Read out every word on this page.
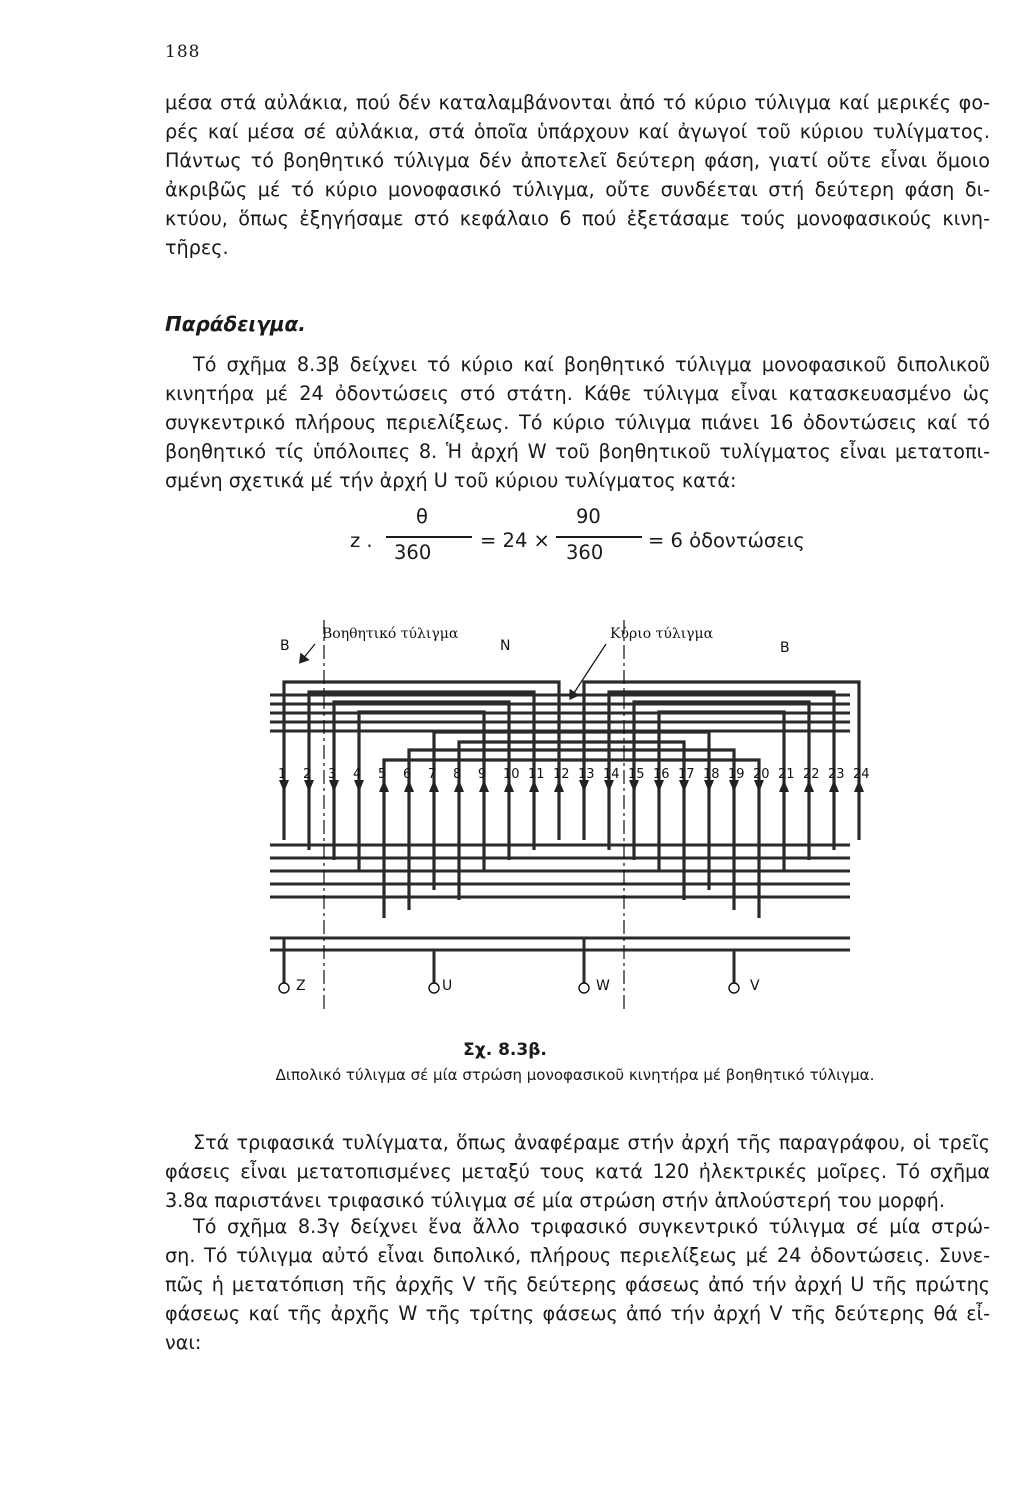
188
μέσα στά αὐλάκια, πού δέν καταλαμβάνονται ἀπό τό κύριο τύλιγμα καί μερικές φο-
ρές καί μέσα σέ αὐλάκια, στά ὁποῖα ὑπάρχουν καί ἀγωγοί τοῦ κύριου τυλίγματος.
Πάντως τό βοηθητικό τύλιγμα δέν ἀποτελεῖ δεύτερη φάση, γιατί οὔτε εἶναι ὅμοιο
ἀκριβῶς μέ τό κύριο μονοφασικό τύλιγμα, οὔτε συνδέεται στή δεύτερη φάση δι-
κτύου, ὅπως ἐξηγήσαμε στό κεφάλαιο 6 πού ἐξετάσαμε τούς μονοφασικούς κινη-
τῆρες.
Παράδειγμα.
Τό σχῆμα 8.3β δείχνει τό κύριο καί βοηθητικό τύλιγμα μονοφασικοῦ διπολικοῦ
κινητήρα μέ 24 ὀδοντώσεις στό στάτη. Κάθε τύλιγμα εἶναι κατασκευασμένο ὡς
συγκεντρικό πλήρους περιελίξεως. Τό κύριο τύλιγμα πιάνει 16 ὀδοντώσεις καί τό
βοηθητικό τίς ὑπόλοιπες 8. Ἡ ἀρχή W τοῦ βοηθητικοῦ τυλίγματος εἶναι μετατοπι-
σμένη σχετικά μέ τήν ἀρχή U τοῦ κύριου τυλίγματος κατά:
z .
θ
360
= 24 ×
90
360
= 6 ὀδοντώσεις
1 2 3 4 5 6 7 8 9 10 11 12 13 14 15 16 17 18 19 20 21 22 23 24
Βοηθητικό τύλιγμα	Κύριο τύλιγμα
B	N	B
Z	U	W	V
Σχ. 8.3β.
Διπολικό τύλιγμα σέ μία στρώση μονοφασικοῦ κινητήρα μέ βοηθητικό τύλιγμα.
Στά τριφασικά τυλίγματα, ὅπως ἀναφέραμε στήν ἀρχή τῆς παραγράφου, οἱ τρεῖς
φάσεις εἶναι μετατοπισμένες μεταξύ τους κατά 120 ἠλεκτρικές μοῖρες. Τό σχῆμα
3.8α παριστάνει τριφασικό τύλιγμα σέ μία στρώση στήν ἁπλούστερή του μορφή.
Τό σχῆμα 8.3γ δείχνει ἕνα ἄλλο τριφασικό συγκεντρικό τύλιγμα σέ μία στρώ-
ση. Τό τύλιγμα αὐτό εἶναι διπολικό, πλήρους περιελίξεως μέ 24 ὀδοντώσεις. Συνε-
πῶς ἡ μετατόπιση τῆς ἀρχῆς V τῆς δεύτερης φάσεως ἀπό τήν ἀρχή U τῆς πρώτης
φάσεως καί τῆς ἀρχῆς W τῆς τρίτης φάσεως ἀπό τήν ἀρχή V τῆς δεύτερης θά εἶ-
ναι:
